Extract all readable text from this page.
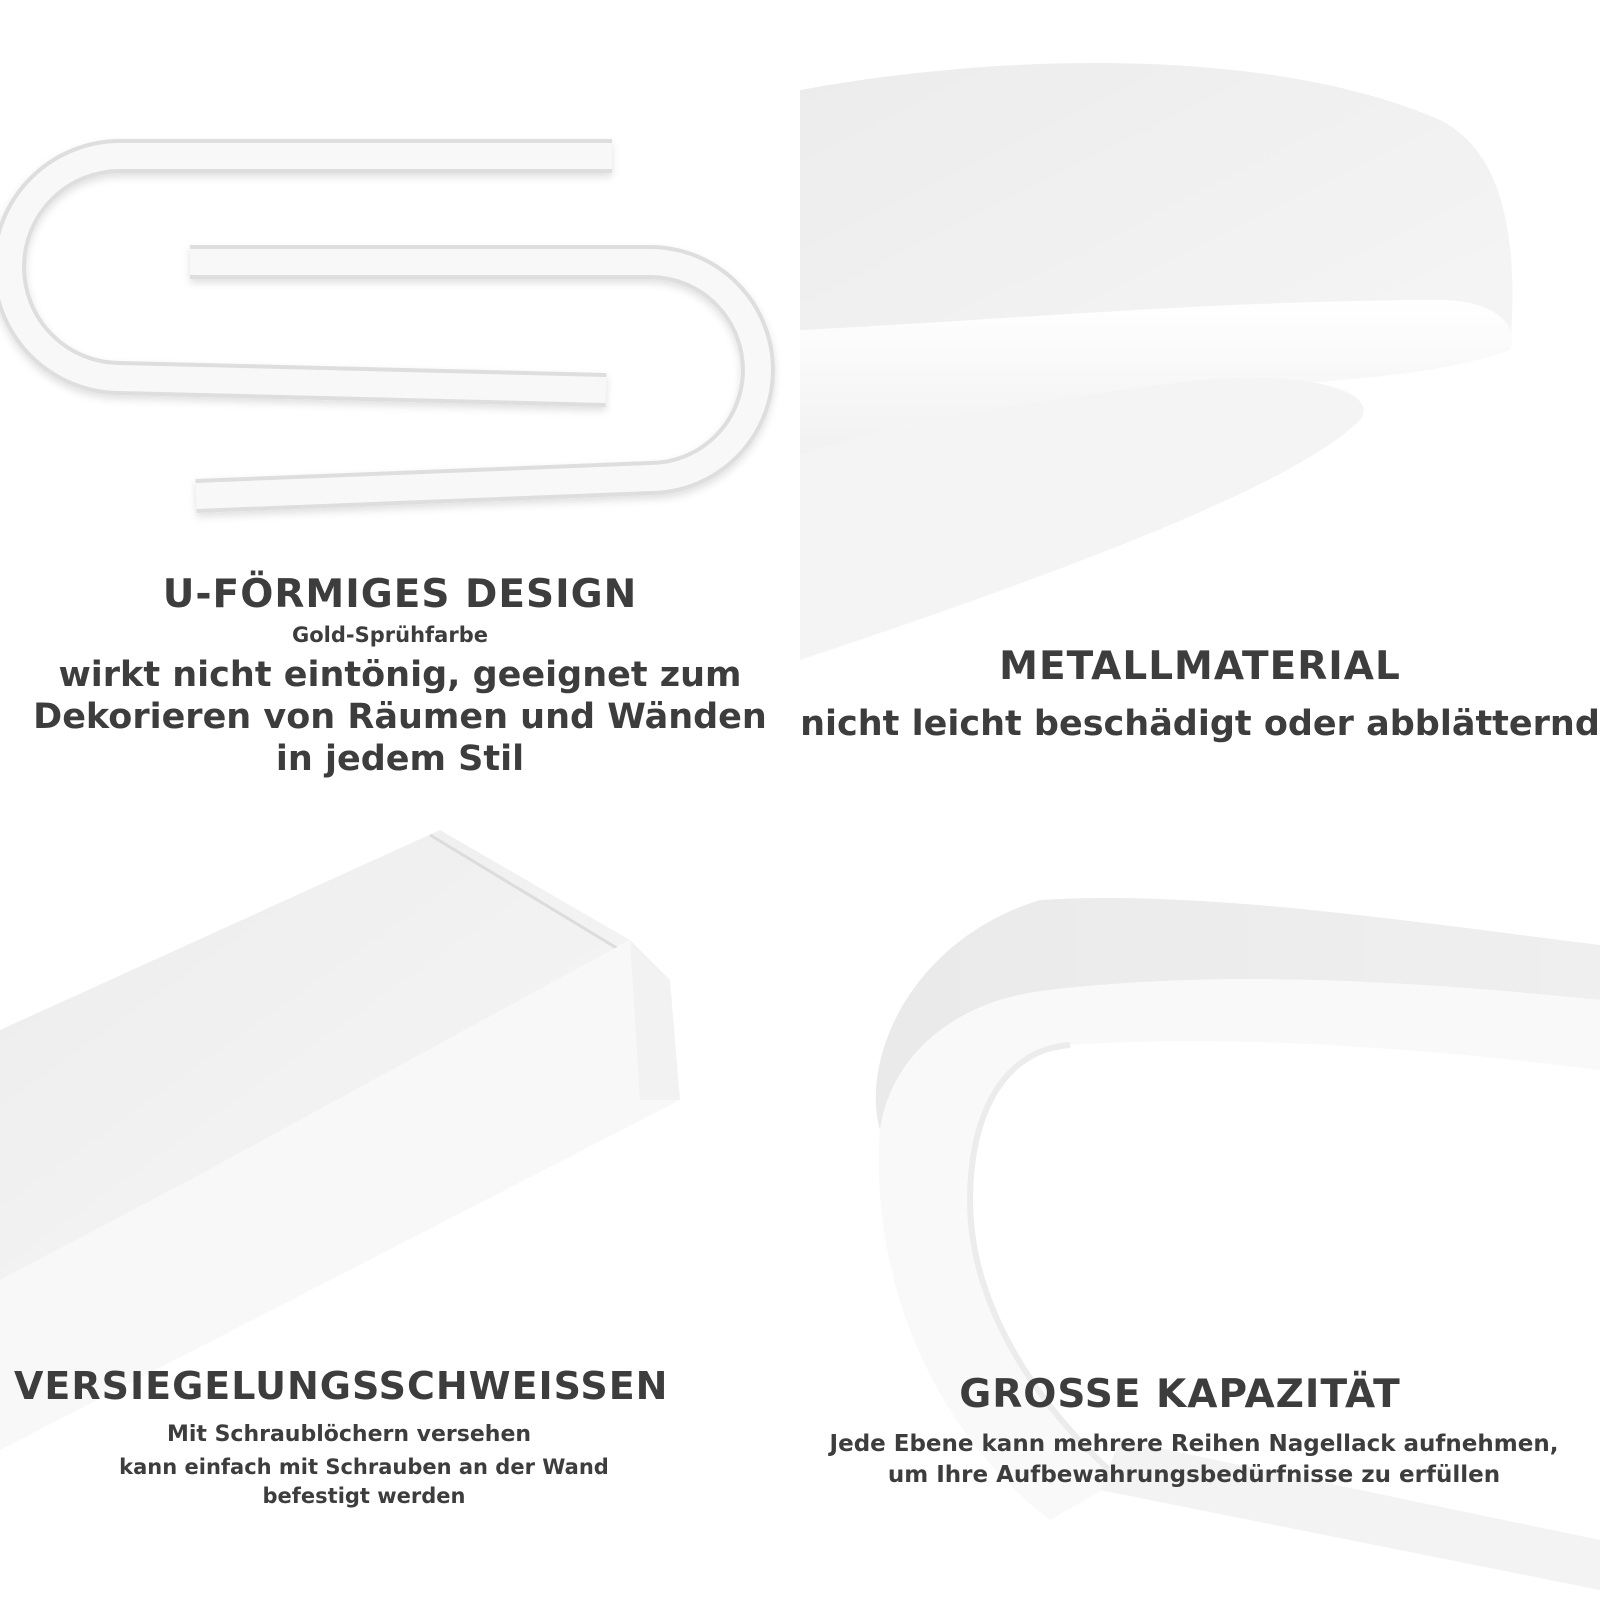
U-FÖRMIGES DESIGN
Gold-Sprühfarbe
wirkt nicht eintönig, geeignet zum Dekorieren von Räumen und Wänden in jedem Stil
METALLMATERIAL
nicht leicht beschädigt oder abblätternd
VERSIEGELUNGSSCHWEISSEN
Mit Schraublöchern versehen
kann einfach mit Schrauben an der Wand befestigt werden
GROSSE KAPAZITÄT
Jede Ebene kann mehrere Reihen Nagellack aufnehmen,
um Ihre Aufbewahrungsbedürfnisse zu erfüllen
